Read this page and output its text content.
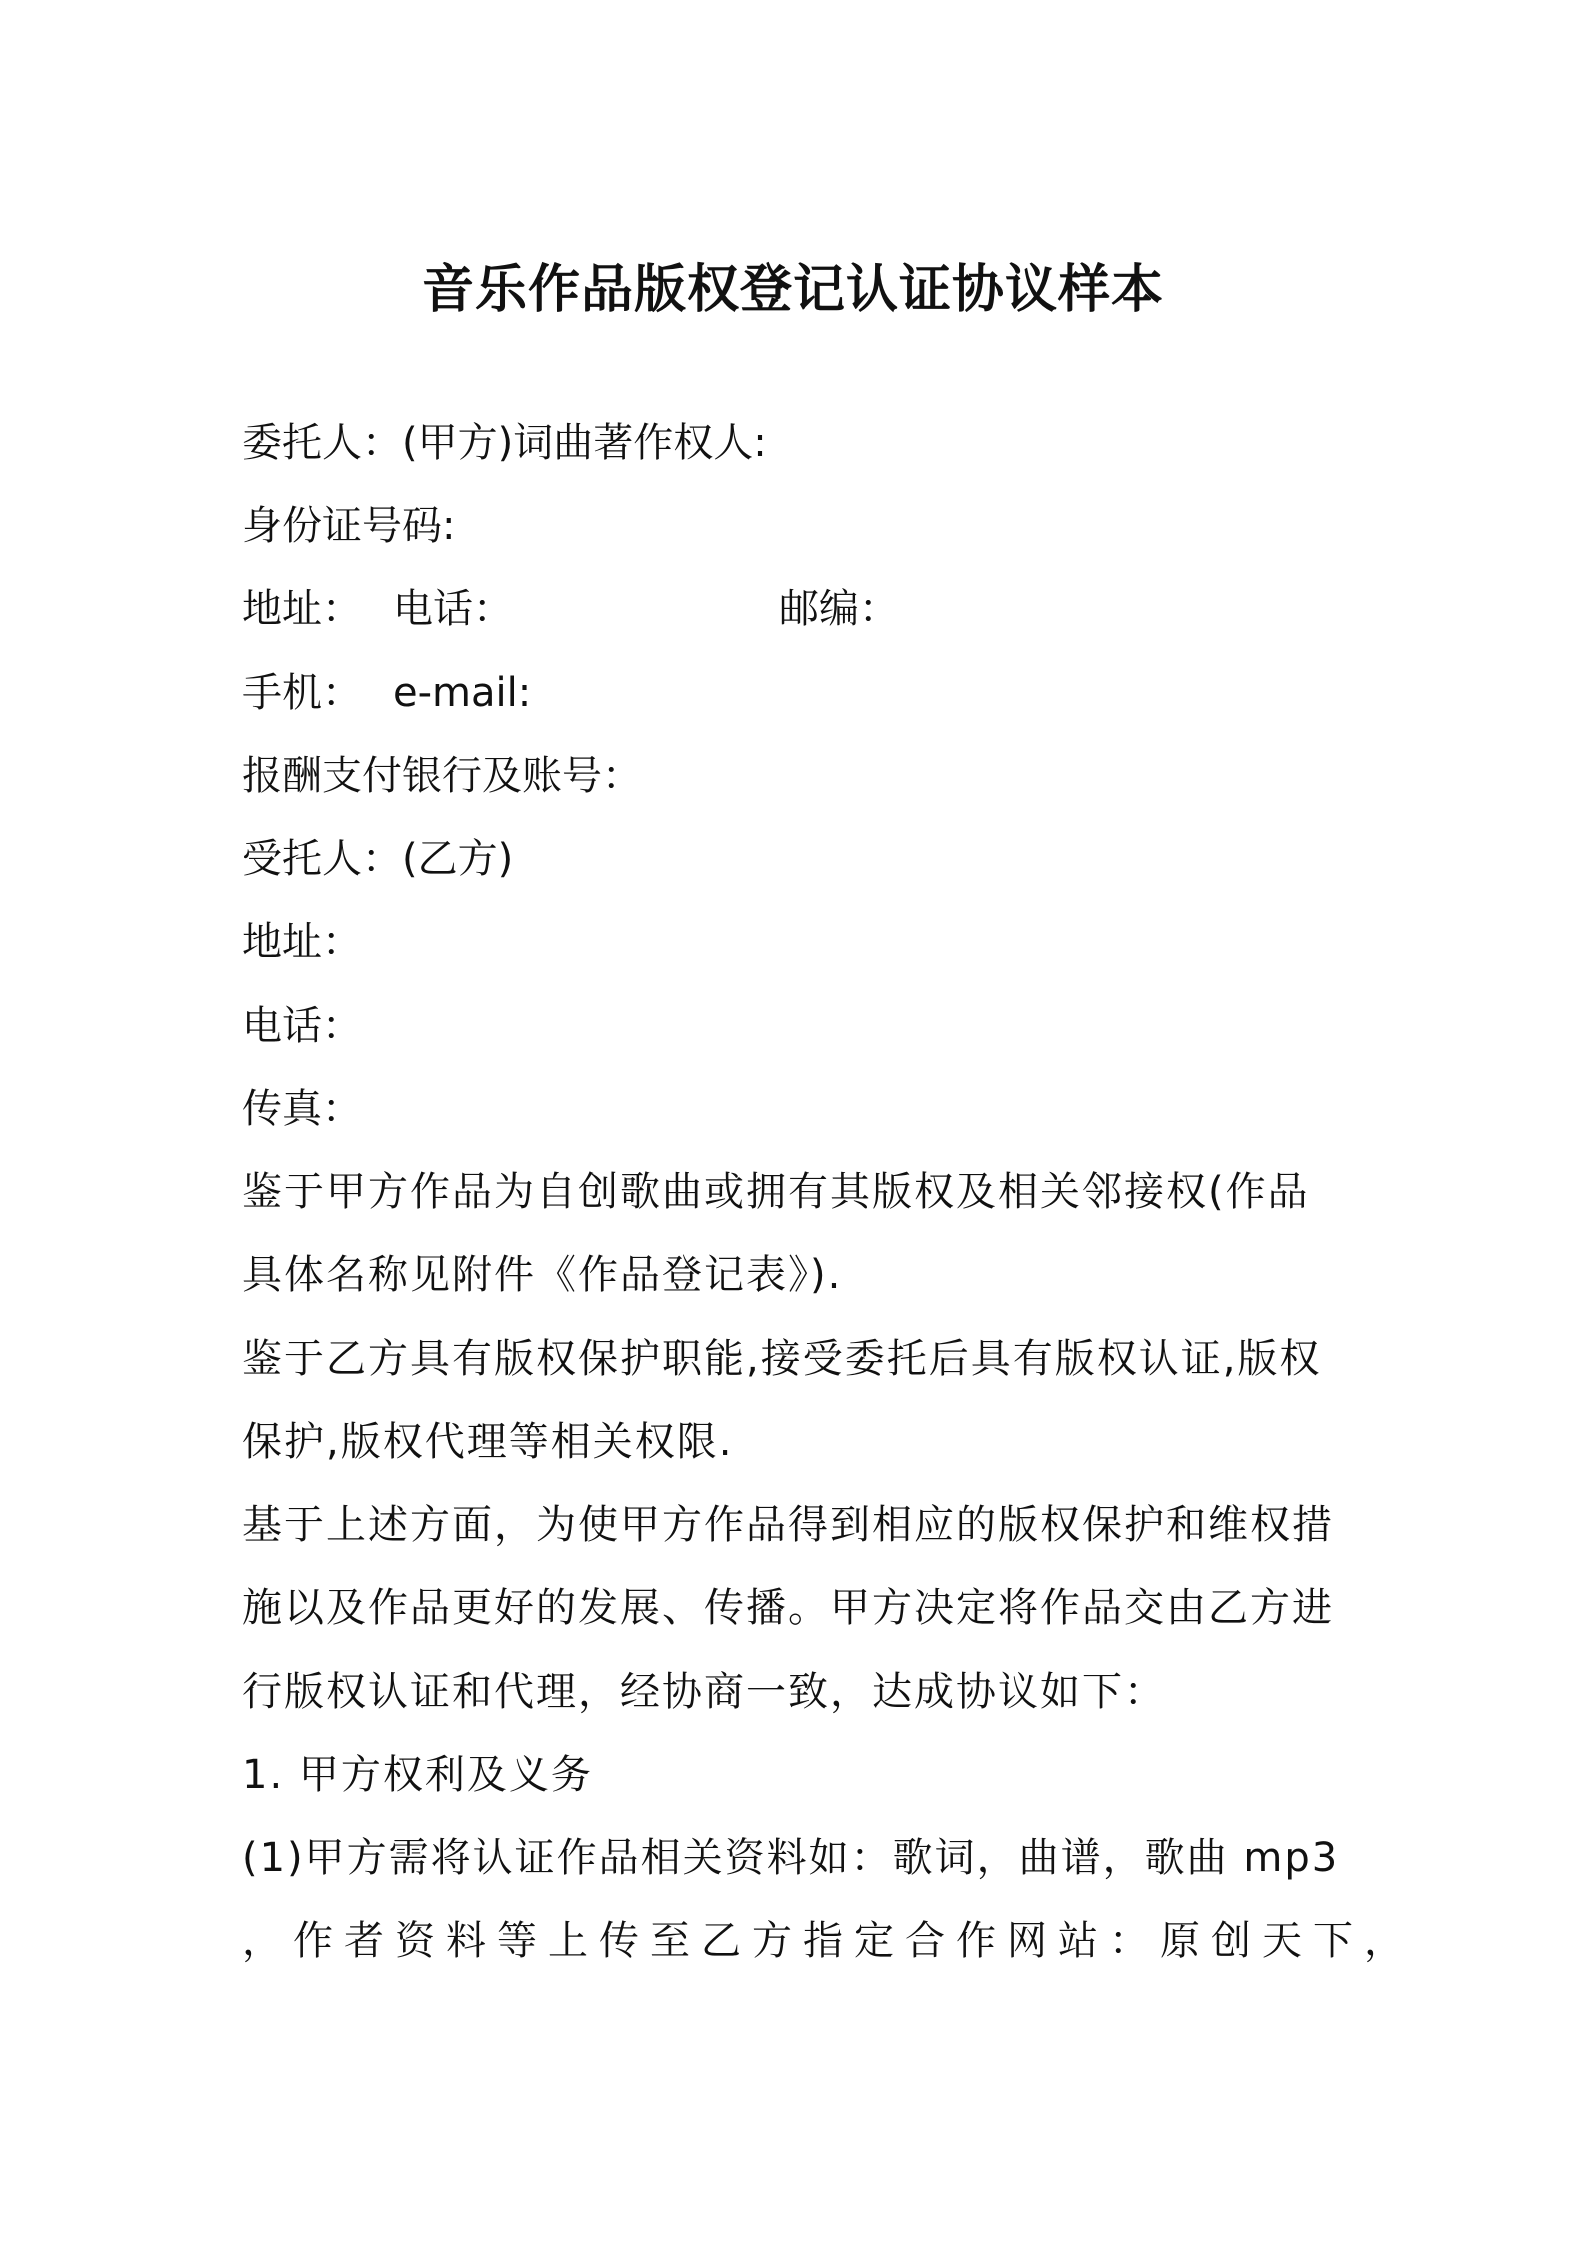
音乐作品版权登记认证协议样本
委托人：(甲方)词曲著作权人:
身份证号码:

地址：

电话：

	邮编：

手机：

e-mail:

报酬支付银行及账号：
受托人：(乙方)
地址：
电话：
传真：
鉴于甲方作品为自创歌曲或拥有其版权及相关邻接权(作品
具体名称见附件《作品登记表》).
鉴于乙方具有版权保护职能,接受委托后具有版权认证,版权
保护,版权代理等相关权限.
基于上述方面，为使甲方作品得到相应的版权保护和维权措
施以及作品更好的发展、传播。甲方决定将作品交由乙方进
行版权认证和代理，经协商一致，达成协议如下：
1. 甲方权利及义务
(1)甲方需将认证作品相关资料如：歌词，曲谱，歌曲 mp3
，作者资料等上传至乙方指定合作网站：原创天下，
